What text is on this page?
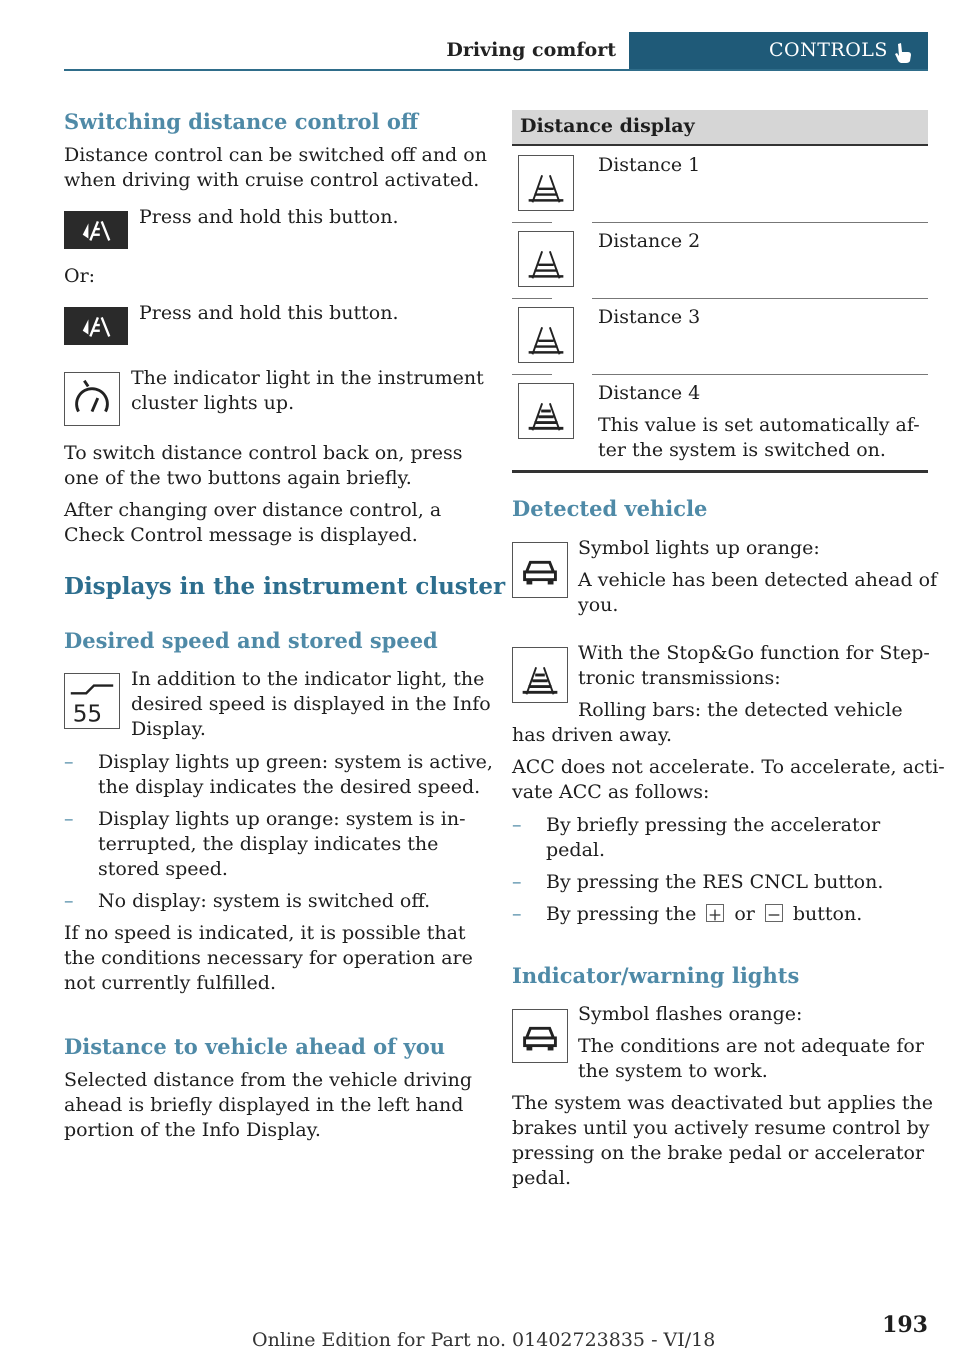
Driving comfort	CONTROLS
Switching distance control off
Distance control can be switched off and on
when driving with cruise control activated.
Press and hold this button.
Or:
Press and hold this button.
The indicator light in the instrument
cluster lights up.
To switch distance control back on, press
one of the two buttons again briefly.
After changing over distance control, a
Check Control message is displayed.
Displays in the instrument cluster
Desired speed and stored speed
55
In addition to the indicator light, the
desired speed is displayed in the Info
Display.
– Display lights up green: system is active,
the display indicates the desired speed.
– Display lights up orange: system is in-
terrupted, the display indicates the
stored speed.
– No display: system is switched off.
If no speed is indicated, it is possible that
the conditions necessary for operation are
not currently fulfilled.
Distance to vehicle ahead of you
Selected distance from the vehicle driving
ahead is briefly displayed in the left hand
portion of the Info Display.
Distance display
Distance 1
Distance 2
Distance 3
Distance 4
This value is set automatically af-
ter the system is switched on.
Detected vehicle
Symbol lights up orange:
A vehicle has been detected ahead of
you.
With the Stop&Go function for Step-
tronic transmissions:
Rolling bars: the detected vehicle
has driven away.
ACC does not accelerate. To accelerate, acti-
vate ACC as follows:
– By briefly pressing the accelerator
pedal.
– By pressing the RES CNCL button.
– By pressing the or button.
Indicator/warning lights
Symbol flashes orange:
The conditions are not adequate for
the system to work.
The system was deactivated but applies the
brakes until you actively resume control by
pressing on the brake pedal or accelerator
pedal.
193
Online Edition for Part no. 01402723835 - VI/18
